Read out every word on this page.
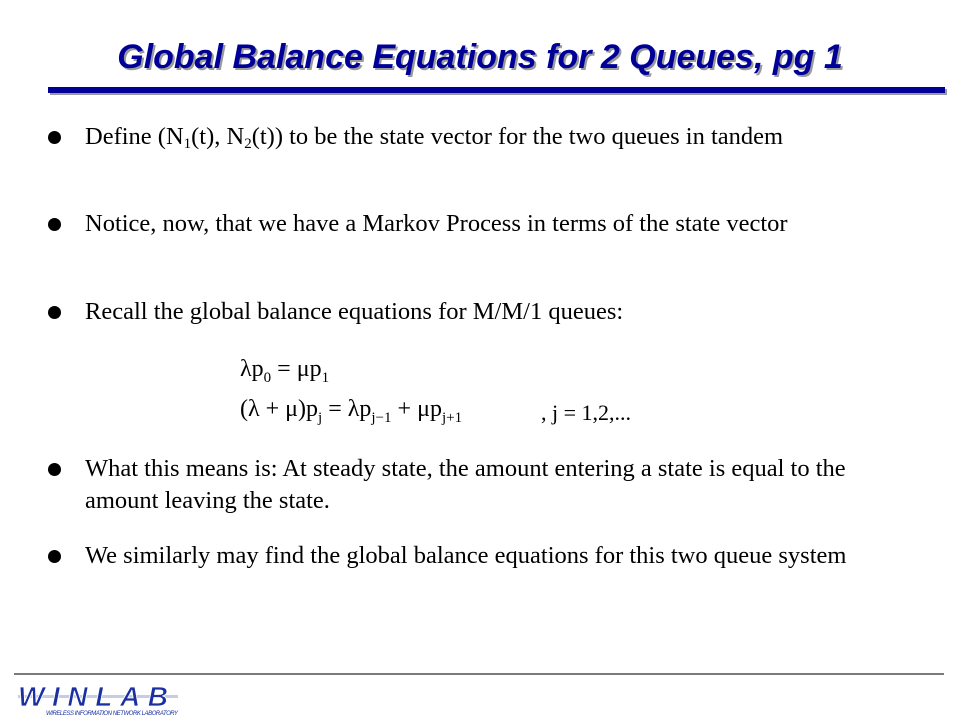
Global Balance Equations for 2 Queues, pg 1
Define ($N_1(t)$, $N_2(t)$) to be the state vector for the two queues in tandem
Notice, now, that we have a Markov Process in terms of the state vector
Recall the global balance equations for M/M/1 queues:
What this means is: At steady state, the amount entering a state is equal to the amount leaving the state.
We similarly may find the global balance equations for this two queue system
$\lambda p_0 = \mu p_1$
$(\lambda + \mu)p_j = \lambda p_{j-1} + \mu p_{j+1}$	, j = 1,2,...
WINLAB
WIRELESS INFORMATION NETWORK LABORATORY
